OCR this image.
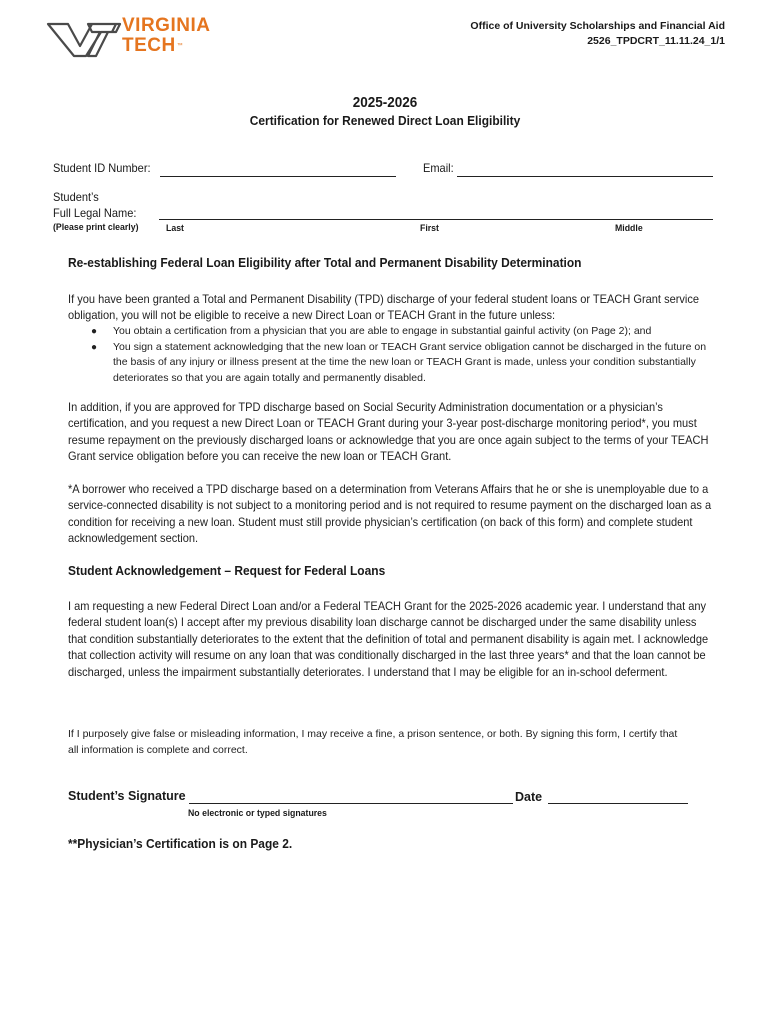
VIRGINIA
TECH™
Office of University Scholarships and Financial Aid
2526_TPDCRT_11.11.24_1/1
2025-2026
Certification for Renewed Direct Loan Eligibility
Student ID Number:	Email:
Student’s
Full Legal Name:
(Please print clearly)	Last	First	Middle
Re-establishing Federal Loan Eligibility after Total and Permanent Disability Determination
If you have been granted a Total and Permanent Disability (TPD) discharge of your federal student loans or TEACH Grant service obligation, you will not be eligible to receive a new Direct Loan or TEACH Grant in the future unless:
● You obtain a certification from a physician that you are able to engage in substantial gainful activity (on Page 2); and
● You sign a statement acknowledging that the new loan or TEACH Grant service obligation cannot be discharged in the future on the basis of any injury or illness present at the time the new loan or TEACH Grant is made, unless your condition substantially deteriorates so that you are again totally and permanently disabled.
In addition, if you are approved for TPD discharge based on Social Security Administration documentation or a physician’s certification, and you request a new Direct Loan or TEACH Grant during your 3-year post-discharge monitoring period*, you must resume repayment on the previously discharged loans or acknowledge that you are once again subject to the terms of your TEACH Grant service obligation before you can receive the new loan or TEACH Grant.
*A borrower who received a TPD discharge based on a determination from Veterans Affairs that he or she is unemployable due to a service-connected disability is not subject to a monitoring period and is not required to resume payment on the discharged loan as a condition for receiving a new loan. Student must still provide physician’s certification (on back of this form) and complete student acknowledgement section.
Student Acknowledgement – Request for Federal Loans
I am requesting a new Federal Direct Loan and/or a Federal TEACH Grant for the 2025-2026 academic year. I understand that any federal student loan(s) I accept after my previous disability loan discharge cannot be discharged under the same disability unless that condition substantially deteriorates to the extent that the definition of total and permanent disability is again met. I acknowledge that collection activity will resume on any loan that was conditionally discharged in the last three years* and that the loan cannot be discharged, unless the impairment substantially deteriorates. I understand that I may be eligible for an in-school deferment.
If I purposely give false or misleading information, I may receive a fine, a prison sentence, or both. By signing this form, I certify that all information is complete and correct.
Student’s Signature	Date
No electronic or typed signatures
**Physician’s Certification is on Page 2.
